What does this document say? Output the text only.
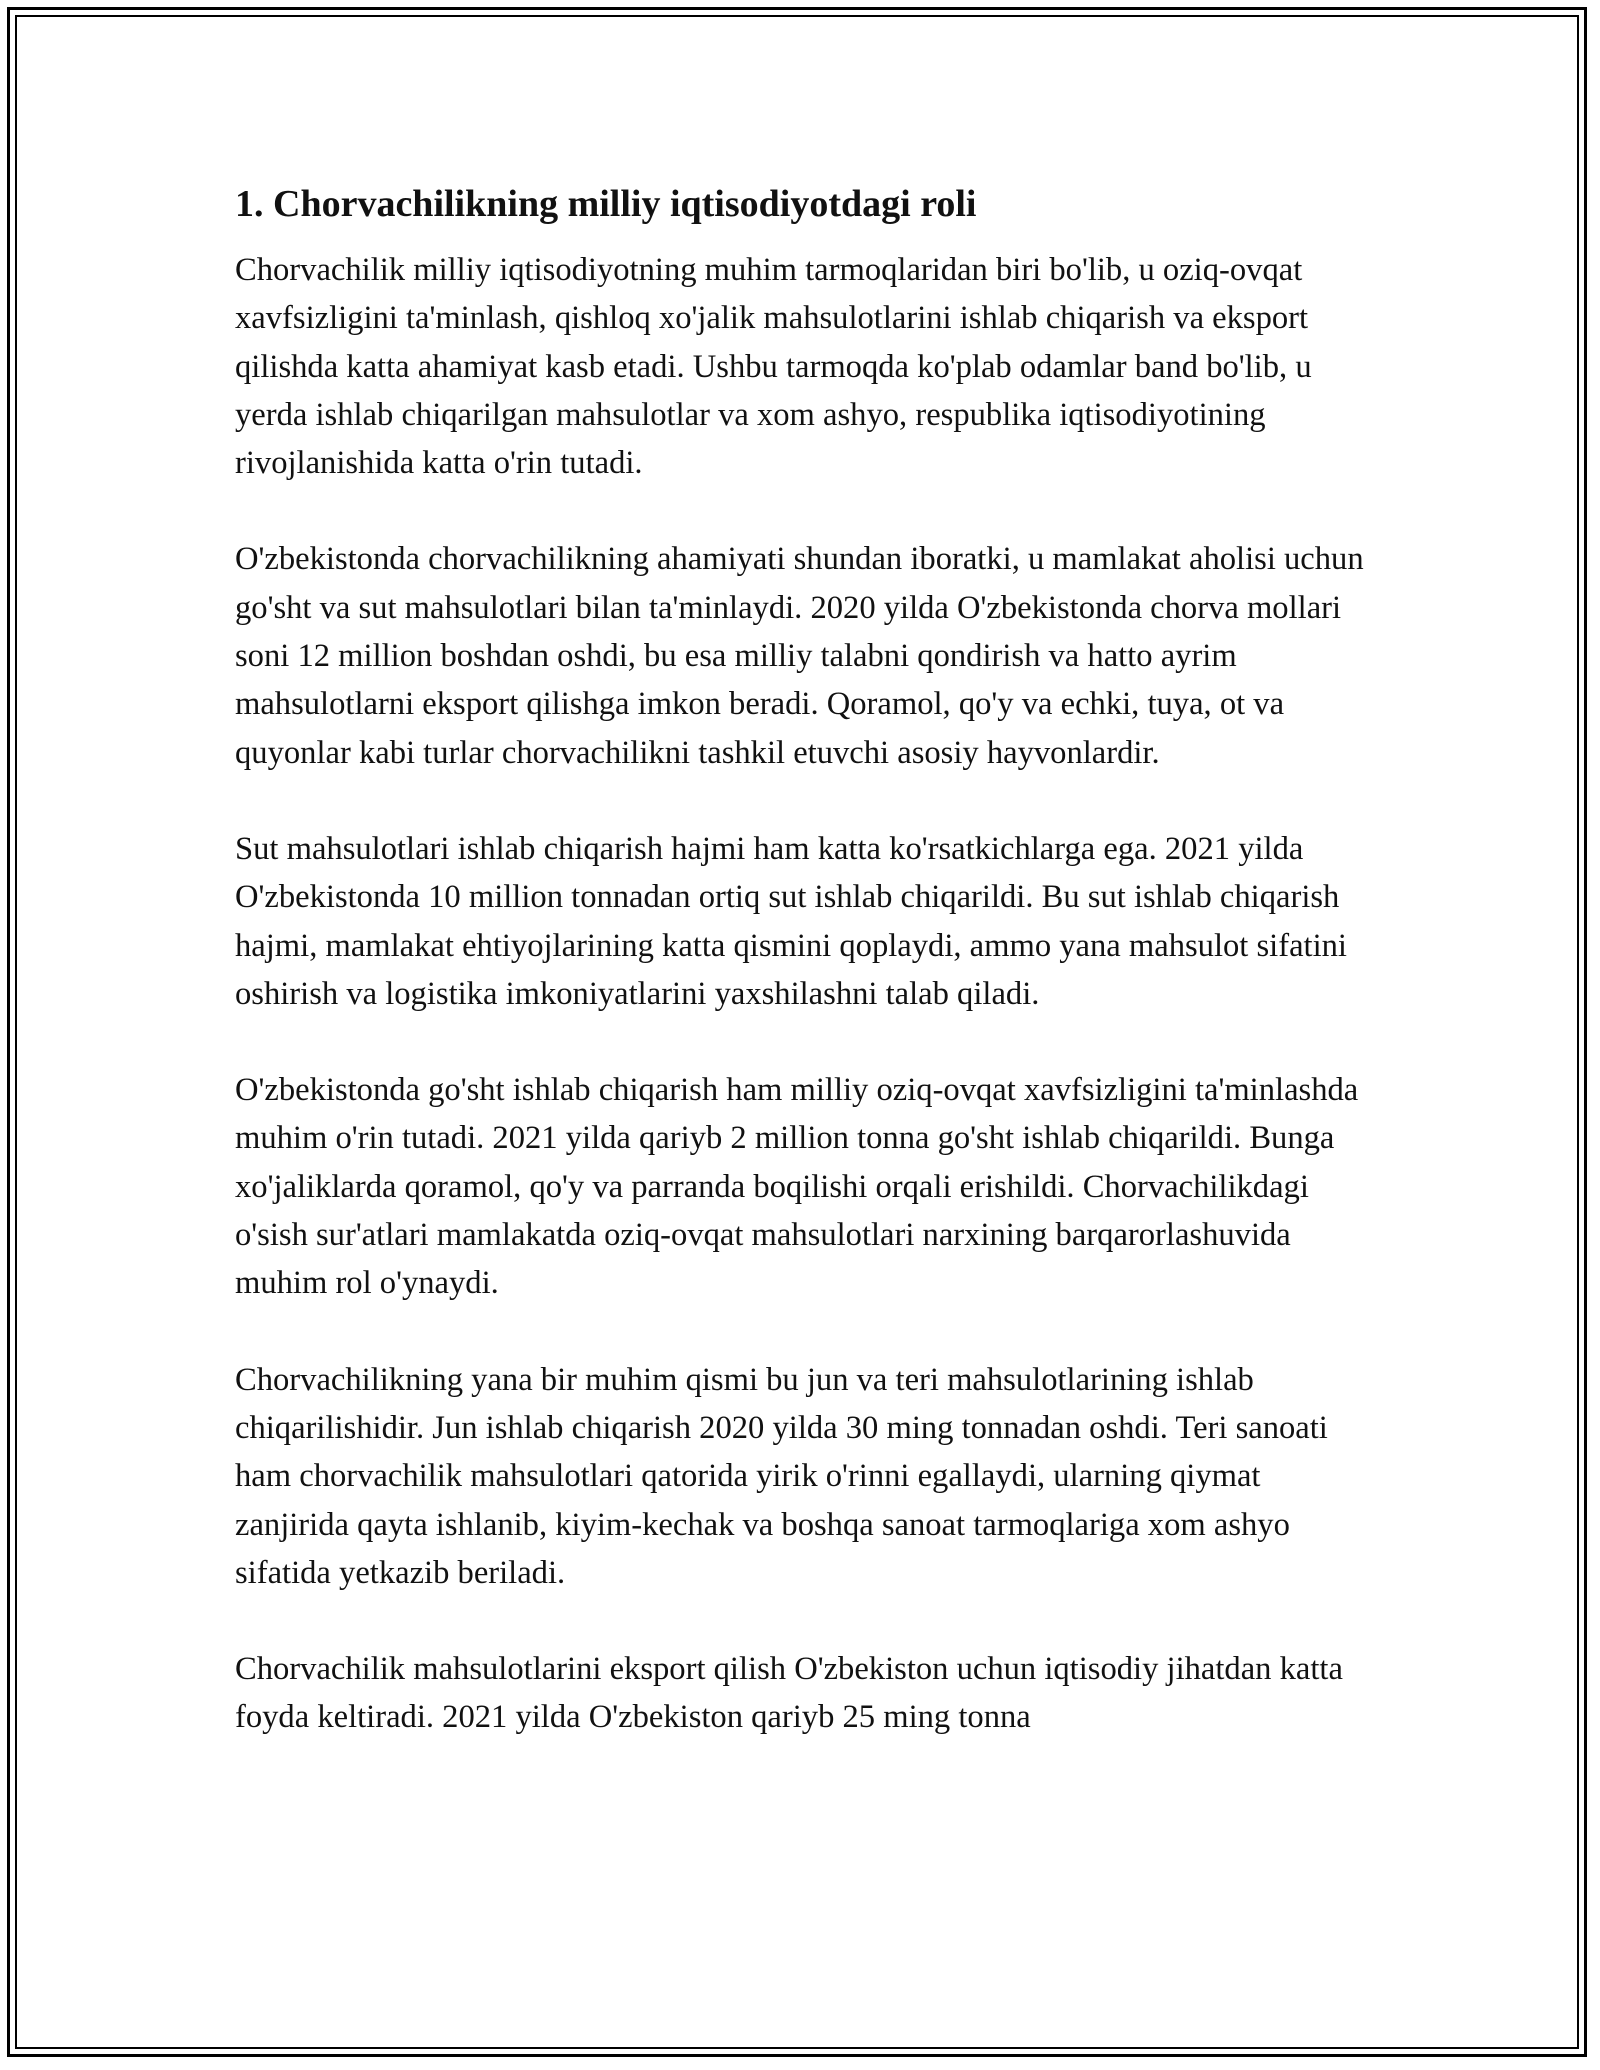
1. Chorvachilikning milliy iqtisodiyotdagi roli

Chorvachilik milliy iqtisodiyotning muhim tarmoqlaridan biri bo'lib, u oziq-ovqat xavfsizligini ta'minlash, qishloq xo'jalik mahsulotlarini ishlab chiqarish va eksport qilishda katta ahamiyat kasb etadi. Ushbu tarmoqda ko'plab odamlar band bo'lib, u yerda ishlab chiqarilgan mahsulotlar va xom ashyo, respublika iqtisodiyotining rivojlanishida katta o'rin tutadi.

O'zbekistonda chorvachilikning ahamiyati shundan iboratki, u mamlakat aholisi uchun go'sht va sut mahsulotlari bilan ta'minlaydi. 2020 yilda O'zbekistonda chorva mollari soni 12 million boshdan oshdi, bu esa milliy talabni qondirish va hatto ayrim mahsulotlarni eksport qilishga imkon beradi. Qoramol, qo'y va echki, tuya, ot va quyonlar kabi turlar chorvachilikni tashkil etuvchi asosiy hayvonlardir.

Sut mahsulotlari ishlab chiqarish hajmi ham katta ko'rsatkichlarga ega. 2021 yilda O'zbekistonda 10 million tonnadan ortiq sut ishlab chiqarildi. Bu sut ishlab chiqarish hajmi, mamlakat ehtiyojlarining katta qismini qoplaydi, ammo yana mahsulot sifatini oshirish va logistika imkoniyatlarini yaxshilashni talab qiladi.

O'zbekistonda go'sht ishlab chiqarish ham milliy oziq-ovqat xavfsizligini ta'minlashda muhim o'rin tutadi. 2021 yilda qariyb 2 million tonna go'sht ishlab chiqarildi. Bunga xo'jaliklarda qoramol, qo'y va parranda boqilishi orqali erishildi. Chorvachilikdagi o'sish sur'atlari mamlakatda oziq-ovqat mahsulotlari narxining barqarorlashuvida muhim rol o'ynaydi.

Chorvachilikning yana bir muhim qismi bu jun va teri mahsulotlarining ishlab chiqarilishidir. Jun ishlab chiqarish 2020 yilda 30 ming tonnadan oshdi. Teri sanoati ham chorvachilik mahsulotlari qatorida yirik o'rinni egallaydi, ularning qiymat zanjirida qayta ishlanib, kiyim-kechak va boshqa sanoat tarmoqlariga xom ashyo sifatida yetkazib beriladi.

Chorvachilik mahsulotlarini eksport qilish O'zbekiston uchun iqtisodiy jihatdan katta foyda keltiradi. 2021 yilda O'zbekiston qariyb 25 ming tonna
